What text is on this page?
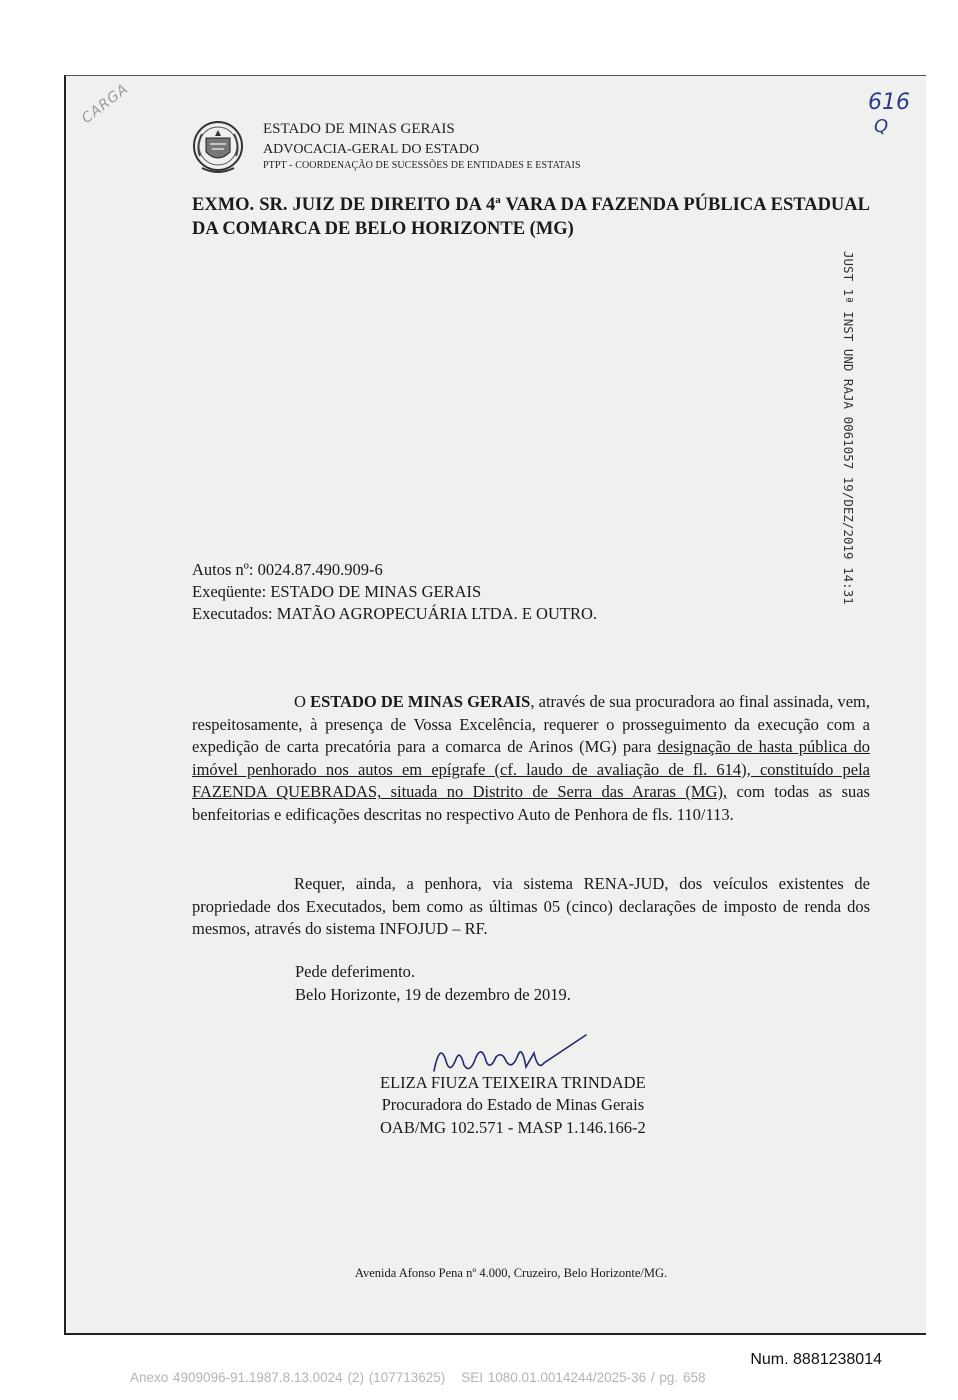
CARGA	616
Q
ESTADO DE MINAS GERAIS
ADVOCACIA-GERAL DO ESTADO
PTPT - COORDENAÇÃO DE SUCESSÕES DE ENTIDADES E ESTATAIS
EXMO. SR. JUIZ DE DIREITO DA 4$^a$ VARA DA FAZENDA PÚBLICA ESTADUAL DA COMARCA DE BELO HORIZONTE (MG)
JUST 1ª INST UND RAJA 0061057 19/DEZ/2019 14:31
Autos nº: 0024.87.490.909-6
Exeqüente: ESTADO DE MINAS GERAIS
Executados: MATÃO AGROPECUÁRIA LTDA. E OUTRO.

O ESTADO DE MINAS GERAIS, através de sua procuradora ao final assinada, vem, respeitosamente, à presença de Vossa Excelência, requerer o prosseguimento da execução com a expedição de carta precatória para a comarca de Arinos (MG) para designação de hasta pública do imóvel penhorado nos autos em epígrafe (cf. laudo de avaliação de fl. 614), constituído pela FAZENDA QUEBRADAS, situada no Distrito de Serra das Araras (MG), com todas as suas benfeitorias e edificações descritas no respectivo Auto de Penhora de fls. 110/113.

Requer, ainda, a penhora, via sistema RENA-JUD, dos veículos existentes de propriedade dos Executados, bem como as últimas 05 (cinco) declarações de imposto de renda dos mesmos, através do sistema INFOJUD – RF.

Pede deferimento.
Belo Horizonte, 19 de dezembro de 2019.
ELIZA FIUZA TEIXEIRA TRINDADE
Procuradora do Estado de Minas Gerais
OAB/MG 102.571 - MASP 1.146.166-2
Avenida Afonso Pena nº 4.000, Cruzeiro, Belo Horizonte/MG.
Num. 8881238014
Anexo 4909096-91.1987.8.13.0024 (2) (107713625) SEI 1080.01.0014244/2025-36 / pg. 658
